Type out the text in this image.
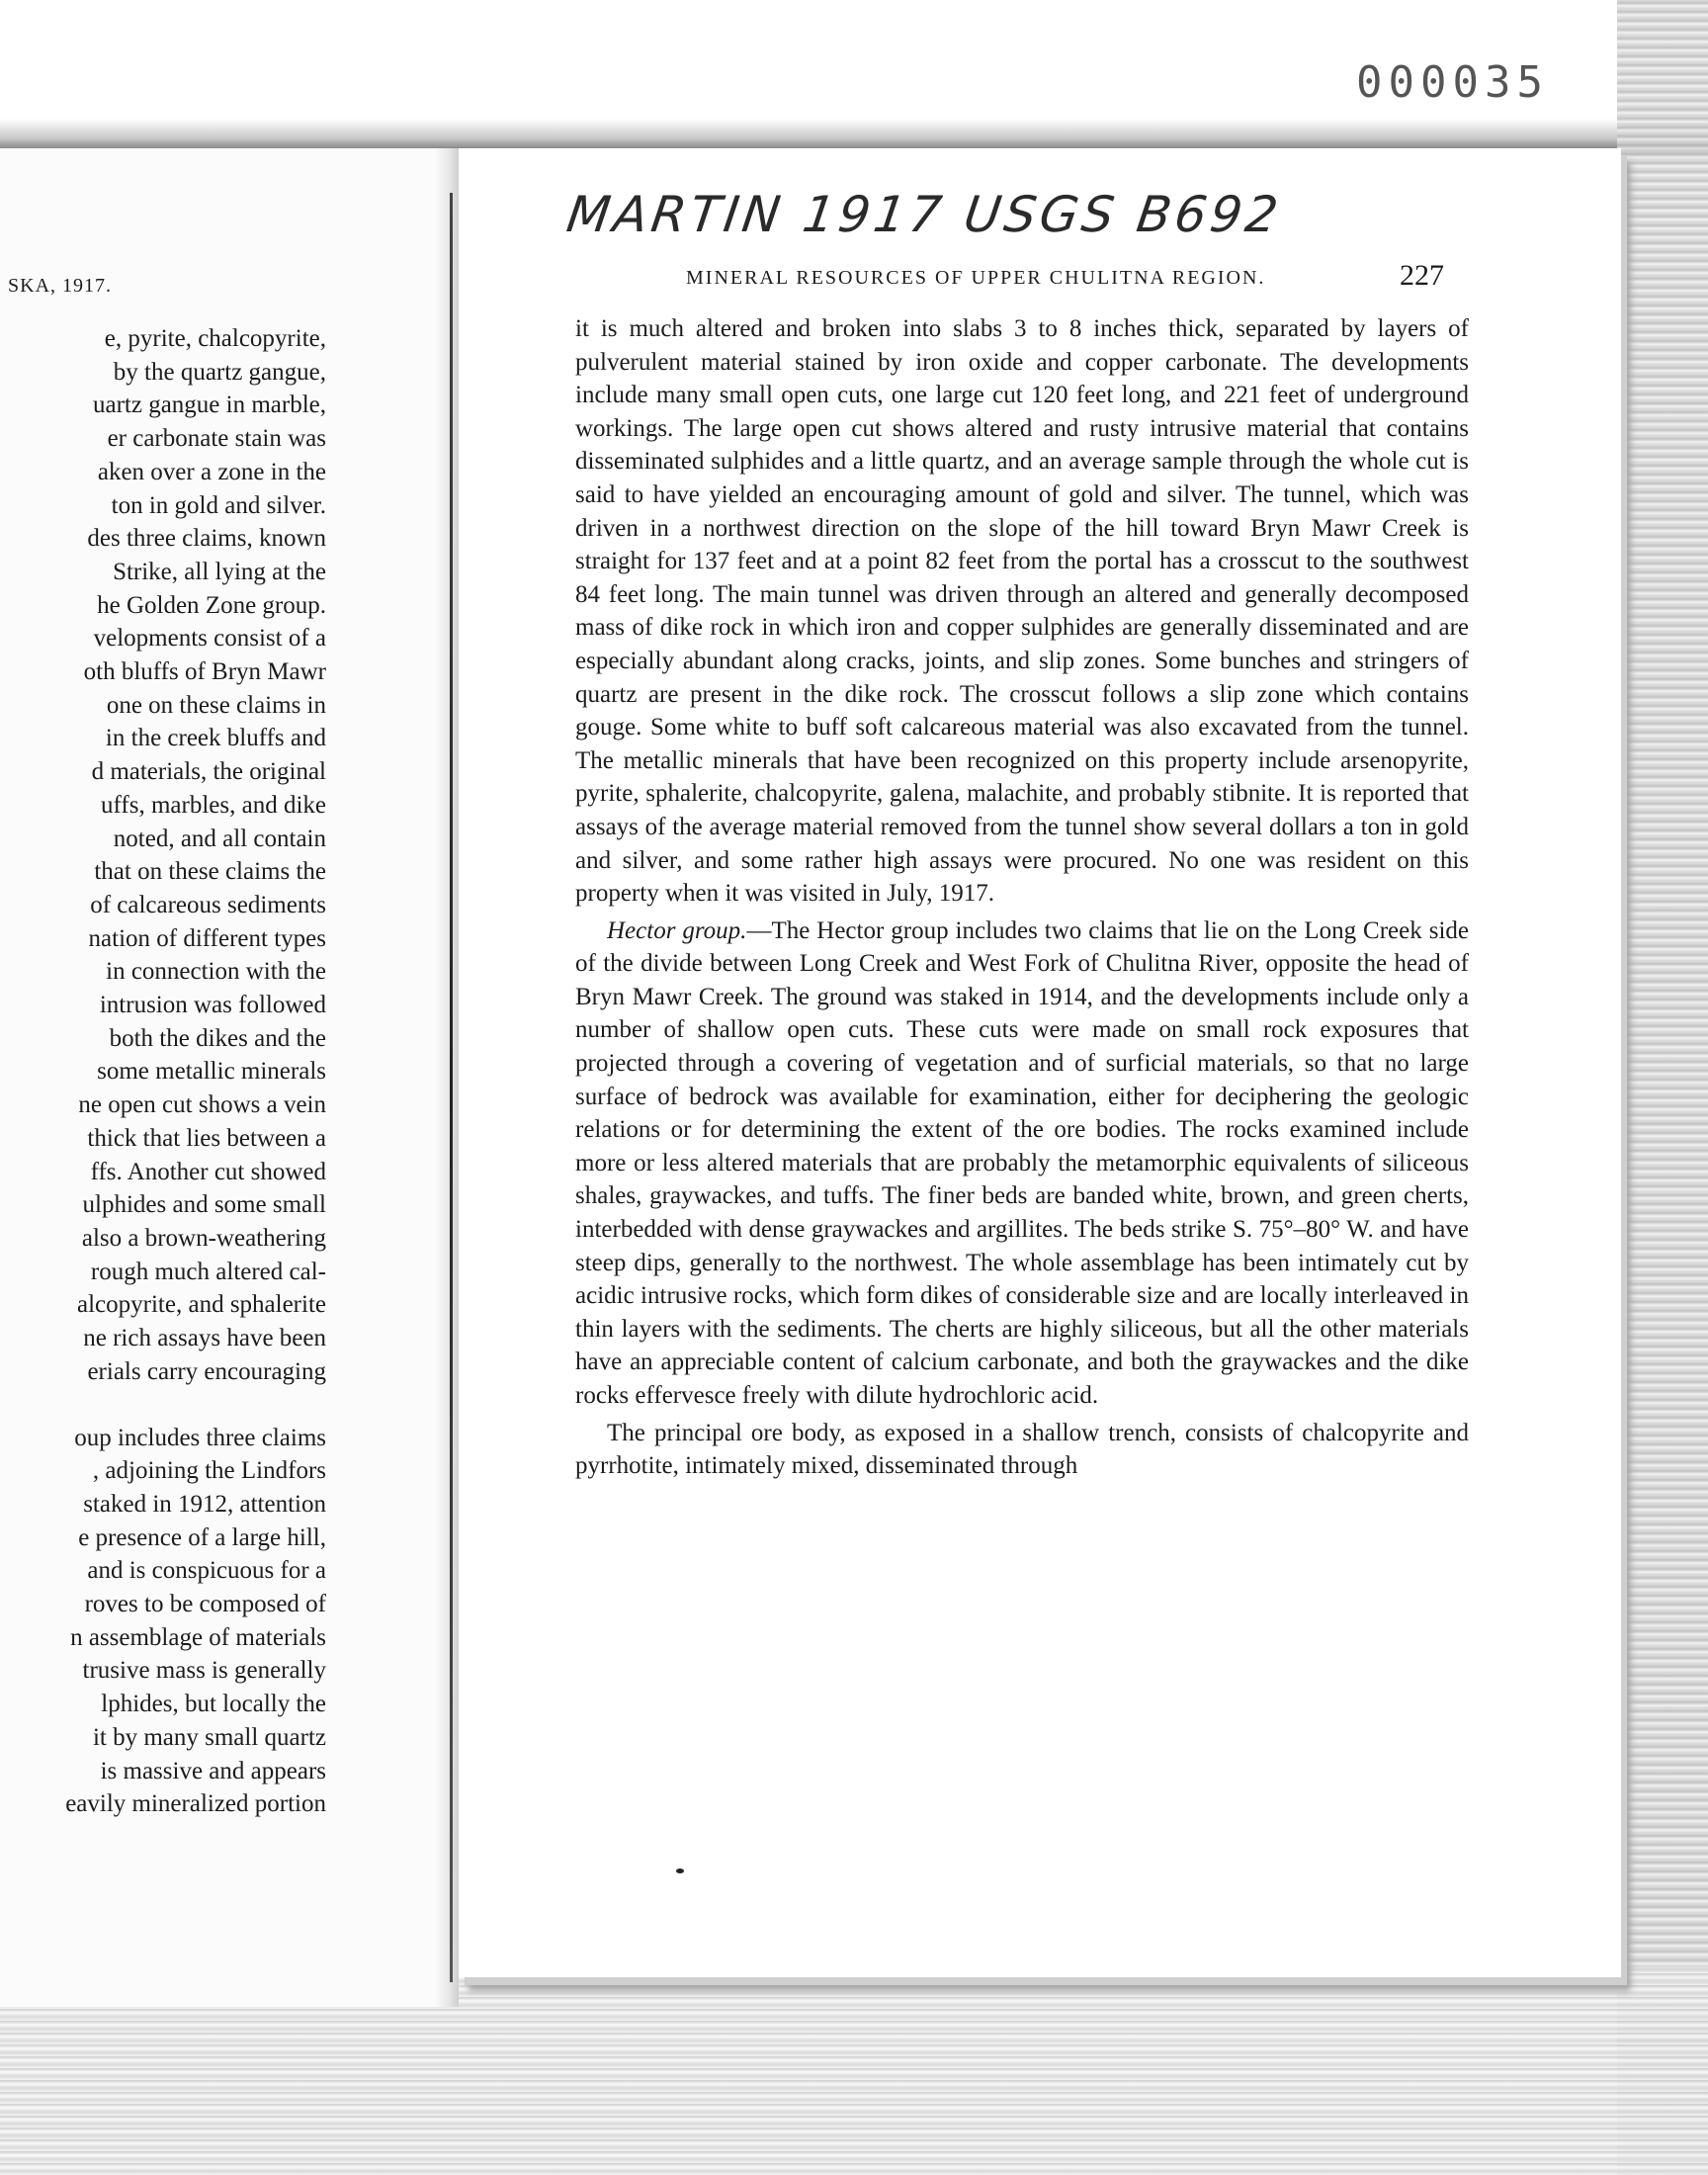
000035
SKA, 1917.
e, pyrite, chalcopyrite,
by the quartz gangue,
uartz gangue in marble,
er carbonate stain was
aken over a zone in the
ton in gold and silver.
des three claims, known
Strike, all lying at the
he Golden Zone group.
velopments consist of a
oth bluffs of Bryn Mawr
one on these claims in
in the creek bluffs and
d materials, the original
uffs, marbles, and dike
noted, and all contain
that on these claims the
of calcareous sediments
nation of different types
in connection with the
intrusion was followed
both the dikes and the
some metallic minerals
ne open cut shows a vein
thick that lies between a
ffs. Another cut showed
ulphides and some small
also a brown-weathering
rough much altered cal-
alcopyrite, and sphalerite
ne rich assays have been
erials carry encouraging
oup includes three claims
, adjoining the Lindfors
staked in 1912, attention
e presence of a large hill,
and is conspicuous for a
roves to be composed of
n assemblage of materials
trusive mass is generally
lphides, but locally the
it by many small quartz
is massive and appears
eavily mineralized portion
MARTIN 1917 USGS B692
MINERAL RESOURCES OF UPPER CHULITNA REGION.	227

it is much altered and broken into slabs 3 to 8 inches thick, separated by layers of pulverulent material stained by iron oxide and copper carbonate. The developments include many small open cuts, one large cut 120 feet long, and 221 feet of underground workings. The large open cut shows altered and rusty intrusive material that contains disseminated sulphides and a little quartz, and an average sample through the whole cut is said to have yielded an encouraging amount of gold and silver. The tunnel, which was driven in a northwest direction on the slope of the hill toward Bryn Mawr Creek is straight for 137 feet and at a point 82 feet from the portal has a crosscut to the southwest 84 feet long. The main tunnel was driven through an altered and generally decomposed mass of dike rock in which iron and copper sulphides are generally disseminated and are especially abundant along cracks, joints, and slip zones. Some bunches and stringers of quartz are present in the dike rock. The crosscut follows a slip zone which contains gouge. Some white to buff soft calcareous material was also excavated from the tunnel. The metallic minerals that have been recognized on this property include arsenopyrite, pyrite, sphalerite, chalcopyrite, galena, malachite, and probably stibnite. It is reported that assays of the average material removed from the tunnel show several dollars a ton in gold and silver, and some rather high assays were procured. No one was resident on this property when it was visited in July, 1917.

Hector group.—The Hector group includes two claims that lie on the Long Creek side of the divide between Long Creek and West Fork of Chulitna River, opposite the head of Bryn Mawr Creek. The ground was staked in 1914, and the developments include only a number of shallow open cuts. These cuts were made on small rock exposures that projected through a covering of vegetation and of surficial materials, so that no large surface of bedrock was available for examination, either for deciphering the geologic relations or for determining the extent of the ore bodies. The rocks examined include more or less altered materials that are probably the metamorphic equivalents of siliceous shales, graywackes, and tuffs. The finer beds are banded white, brown, and green cherts, interbedded with dense graywackes and argillites. The beds strike S. 75°–80° W. and have steep dips, generally to the northwest. The whole assemblage has been intimately cut by acidic intrusive rocks, which form dikes of considerable size and are locally interleaved in thin layers with the sediments. The cherts are highly siliceous, but all the other materials have an appreciable content of calcium carbonate, and both the graywackes and the dike rocks effervesce freely with dilute hydrochloric acid.

The principal ore body, as exposed in a shallow trench, consists of chalcopyrite and pyrrhotite, intimately mixed, disseminated through
